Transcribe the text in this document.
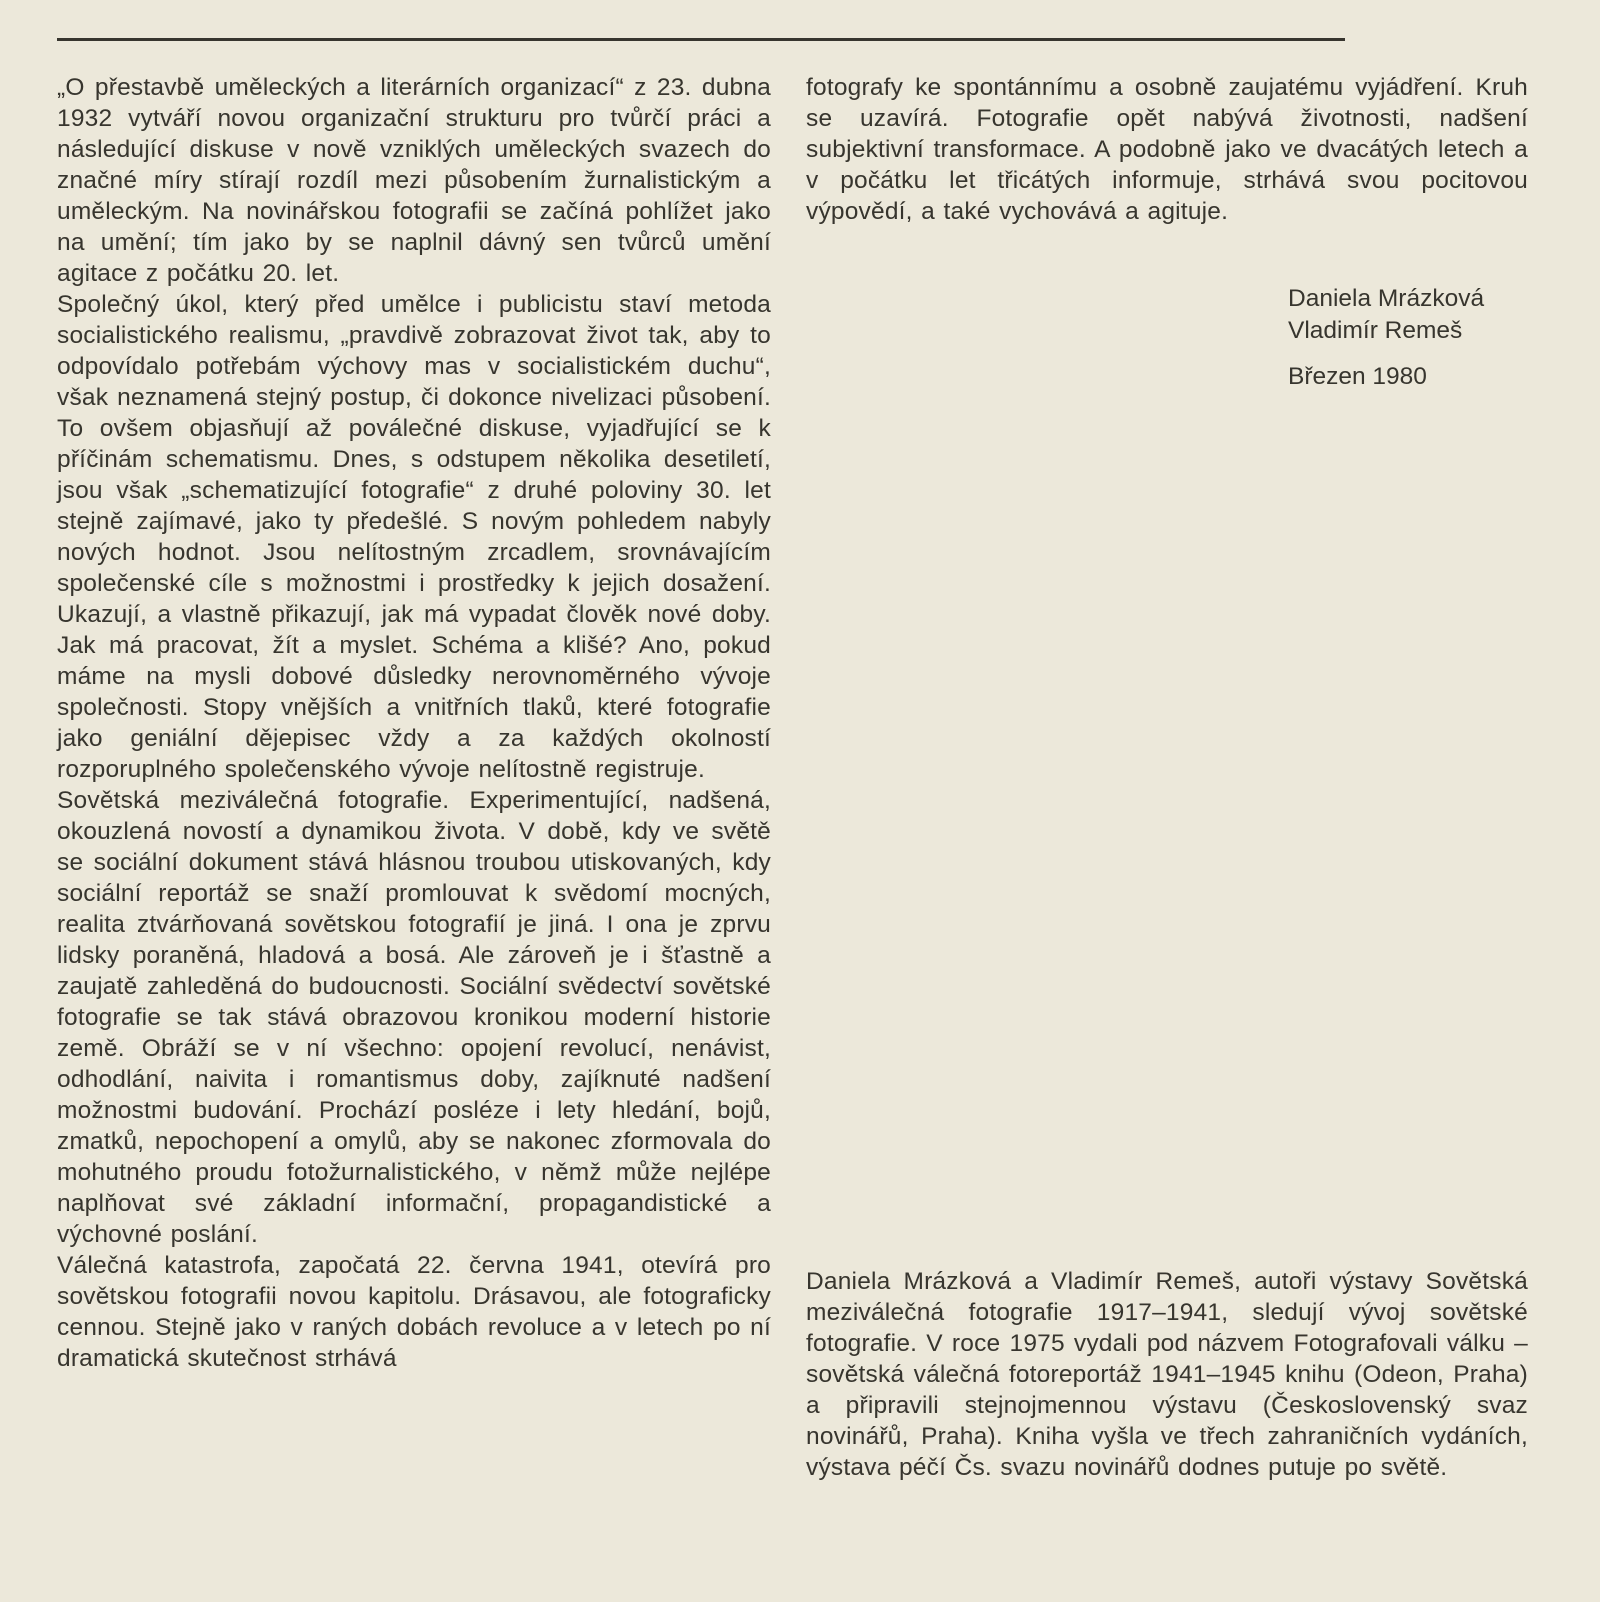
„O přestavbě uměleckých a literárních organizací“ z 23. dubna 1932 vytváří novou organizační strukturu pro tvůrčí práci a následující diskuse v nově vzniklých uměleckých svazech do značné míry stírají rozdíl mezi působením žurnalistickým a uměleckým. Na novinářskou fotografii se začíná pohlížet jako na umění; tím jako by se naplnil dávný sen tvůrců umění agitace z počátku 20. let.

Společný úkol, který před umělce i publicistu staví metoda socialistického realismu, „pravdivě zobrazovat život tak, aby to odpovídalo potřebám výchovy mas v socialistickém duchu“, však neznamená stejný postup, či dokonce nivelizaci působení. To ovšem objasňují až poválečné diskuse, vyjadřující se k příčinám schematismu. Dnes, s odstupem několika desetiletí, jsou však „schematizující fotografie“ z druhé poloviny 30. let stejně zajímavé, jako ty předešlé. S novým pohledem nabyly nových hodnot. Jsou nelítostným zrcadlem, srovnávajícím společenské cíle s možnostmi i prostředky k jejich dosažení. Ukazují, a vlastně přikazují, jak má vypadat člověk nové doby. Jak má pracovat, žít a myslet. Schéma a klišé? Ano, pokud máme na mysli dobové důsledky nerovnoměrného vývoje společnosti. Stopy vnějších a vnitřních tlaků, které fotografie jako geniální dějepisec vždy a za každých okolností rozporuplného společenského vývoje nelítostně registruje.

Sovětská meziválečná fotografie. Experimentující, nadšená, okouzlená novostí a dynamikou života. V době, kdy ve světě se sociální dokument stává hlásnou troubou utiskovaných, kdy sociální reportáž se snaží promlouvat k svědomí mocných, realita ztvárňovaná sovětskou fotografií je jiná. I ona je zprvu lidsky poraněná, hladová a bosá. Ale zároveň je i šťastně a zaujatě zahleděná do budoucnosti. Sociální svědectví sovětské fotografie se tak stává obrazovou kronikou moderní historie země. Obráží se v ní všechno: opojení revolucí, nenávist, odhodlání, naivita i romantismus doby, zajíknuté nadšení možnostmi budování. Prochází posléze i lety hledání, bojů, zmatků, nepochopení a omylů, aby se nakonec zformovala do mohutného proudu fotožurnalistického, v němž může nejlépe naplňovat své základní informační, propagandistické a výchovné poslání.

Válečná katastrofa, započatá 22. června 1941, otevírá pro sovětskou fotografii novou kapitolu. Drásavou, ale fotograficky cennou. Stejně jako v raných dobách revoluce a v letech po ní dramatická skutečnost strhává

fotografy ke spontánnímu a osobně zaujatému vyjádření. Kruh se uzavírá. Fotografie opět nabývá životnosti, nadšení subjektivní transformace. A podobně jako ve dvacátých letech a v počátku let třicátých informuje, strhává svou pocitovou výpovědí, a také vychovává a agituje.

Daniela Mrázková
Vladimír Remeš
Březen 1980

Daniela Mrázková a Vladimír Remeš, autoři výstavy Sovětská meziválečná fotografie 1917–1941, sledují vývoj sovětské fotografie. V roce 1975 vydali pod názvem Fotografovali válku – sovětská válečná fotoreportáž 1941–1945 knihu (Odeon, Praha) a připravili stejnojmennou výstavu (Československý svaz novinářů, Praha). Kniha vyšla ve třech zahraničních vydáních, výstava péčí Čs. svazu novinářů dodnes putuje po světě.
